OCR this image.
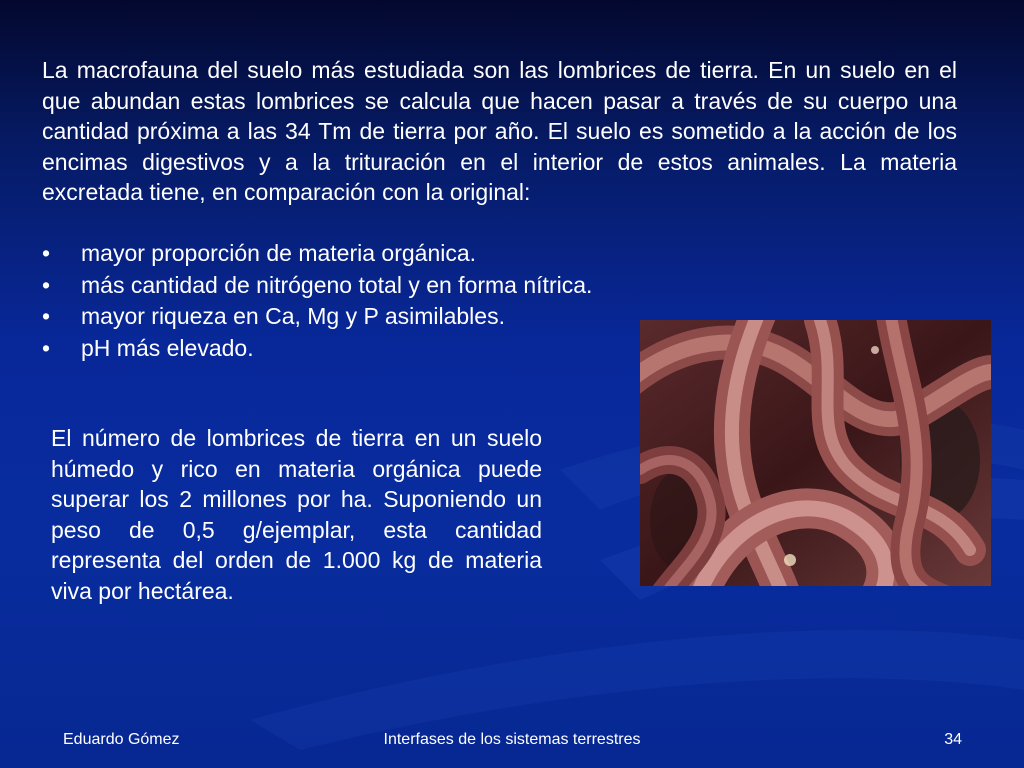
La macrofauna del suelo más estudiada son las lombrices de tierra. En un suelo en el que abundan estas lombrices se calcula que hacen pasar a través de su cuerpo una cantidad próxima a las 34 Tm de tierra por año. El suelo es sometido a la acción de los encimas digestivos y a la trituración en el interior de estos animales. La materia excretada tiene, en comparación con la original:

• mayor proporción de materia orgánica.
• más cantidad de nitrógeno total y en forma nítrica.
• mayor riqueza en Ca, Mg y P asimilables.
• pH más elevado.

El número de lombrices de tierra en un suelo húmedo y rico en materia orgánica puede superar los 2 millones por ha. Suponiendo un peso de 0,5 g/ejemplar, esta cantidad representa del orden de 1.000 kg de materia viva por hectárea.

Eduardo Gómez	Interfases de los sistemas terrestres	34
